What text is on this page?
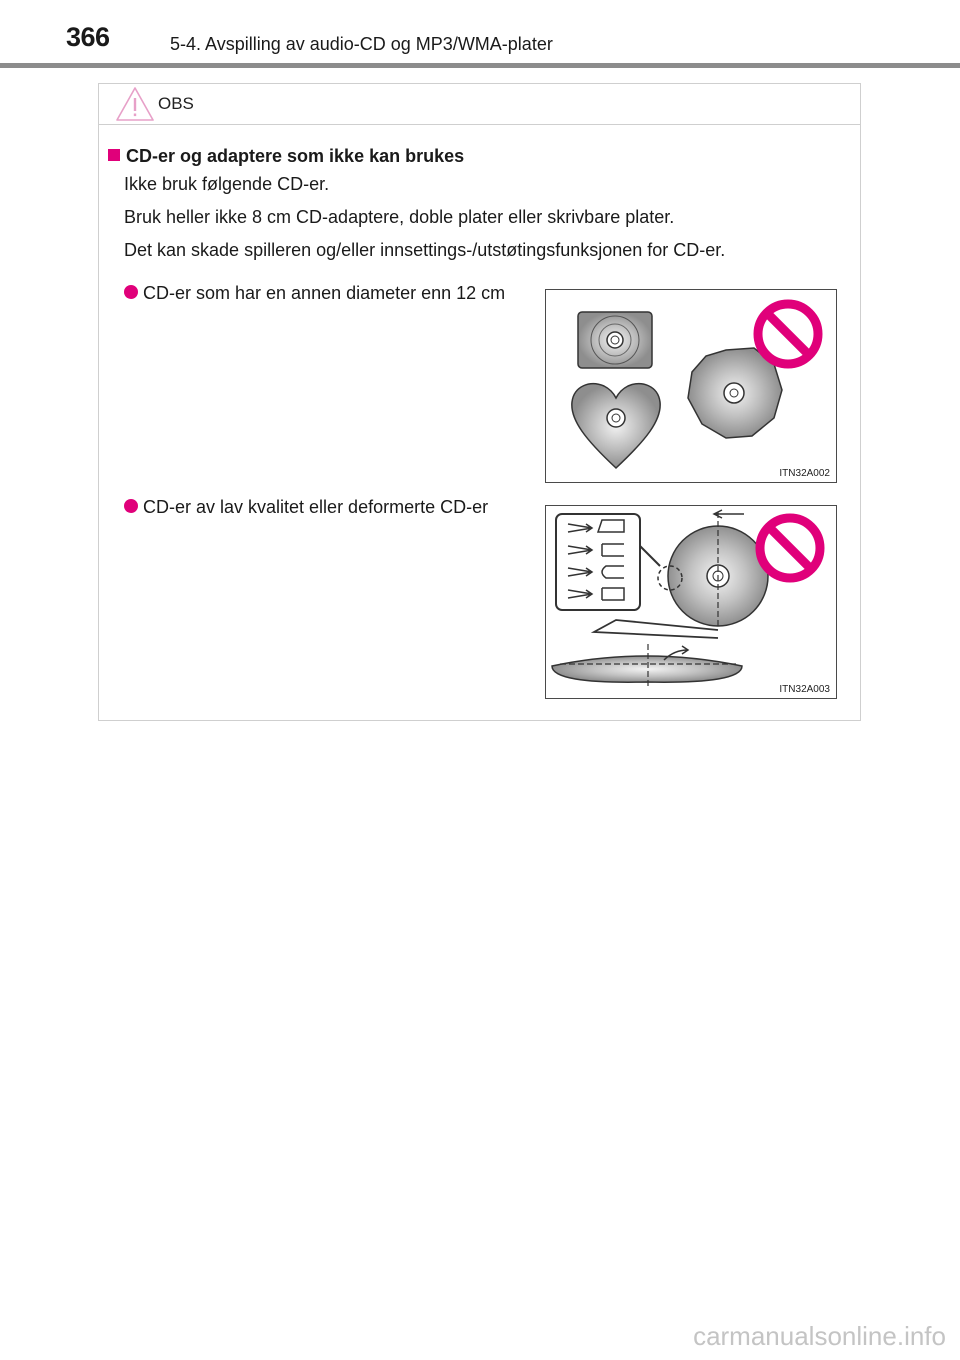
366	5-4. Avspilling av audio-CD og MP3/WMA-plater
OBS
CD-er og adaptere som ikke kan brukes
Ikke bruk følgende CD-er.
Bruk heller ikke 8 cm CD-adaptere, doble plater eller skrivbare plater.
Det kan skade spilleren og/eller innsettings-/utstøtingsfunksjonen for CD-er.
CD-er som har en annen diameter enn 12 cm
CD-er av lav kvalitet eller deformerte CD-er
ITN32A002
ITN32A003
carmanualsonline.info
